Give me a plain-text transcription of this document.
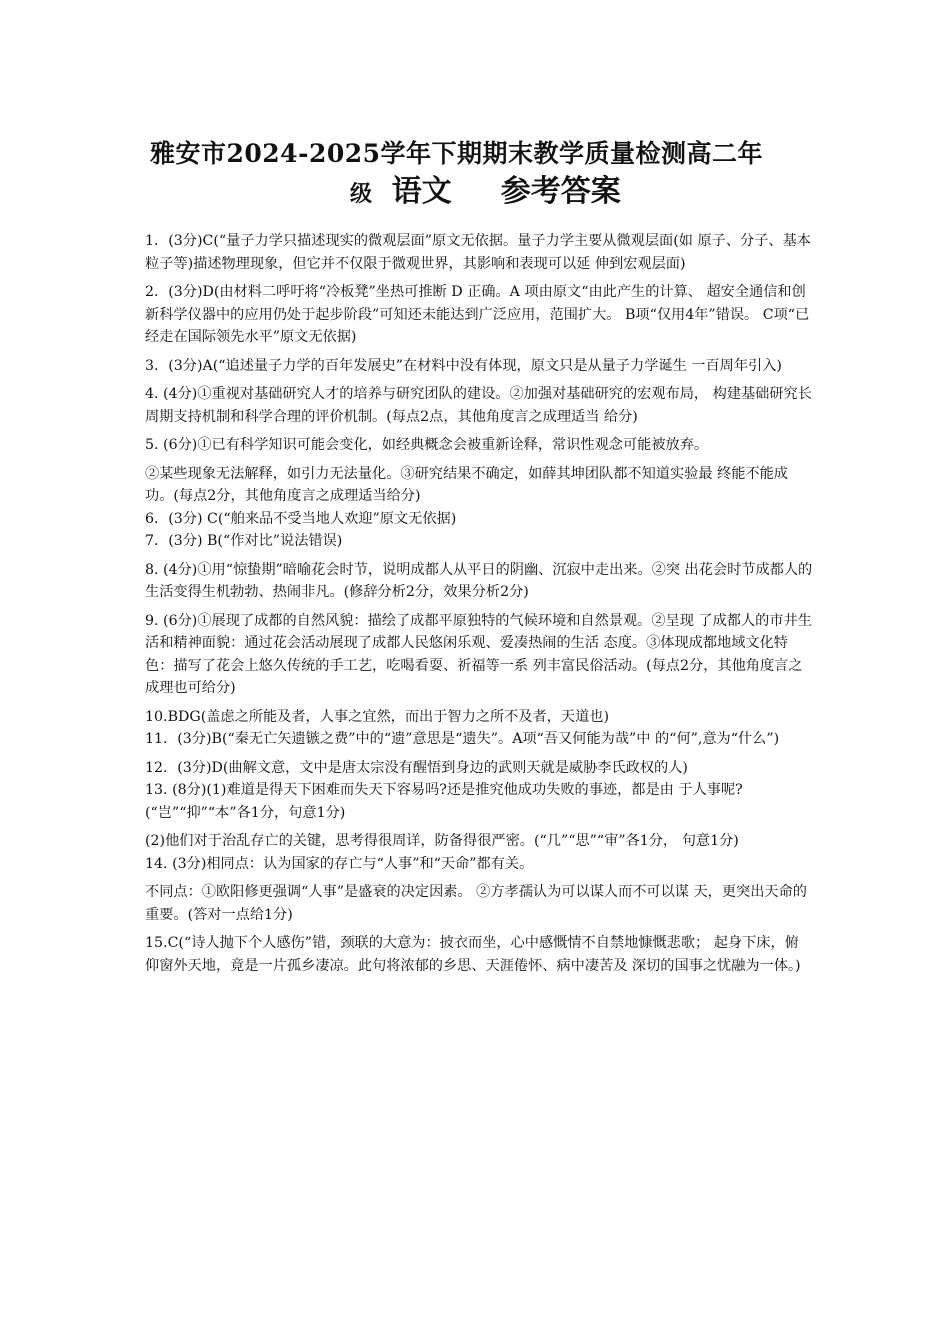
雅安市2024-2025学年下期期末教学质量检测高二年
级 语文 参考答案

1．(3分)C(“量子力学只描述现实的微观层面”原文无依据。量子力学主要从微观层面(如 原子、分子、基本粒子等)描述物理现象，但它并不仅限于微观世界，其影响和表现可以延 伸到宏观层面)

2．(3分)D(由材料二呼吁将“冷板凳”坐热可推断 D 正确。A 项由原文“由此产生的计算、 超安全通信和创新科学仪器中的应用仍处于起步阶段”可知还未能达到广泛应用，范围扩大。 B项“仅用4年”错误。 C项“已经走在国际领先水平”原文无依据)

3．(3分)A(“追述量子力学的百年发展史”在材料中没有体现，原文只是从量子力学诞生 一百周年引入)

4. (4分)①重视对基础研究人才的培养与研究团队的建设。②加强对基础研究的宏观布局， 构建基础研究长周期支持机制和科学合理的评价机制。(每点2点，其他角度言之成理适当 给分)

5. (6分)①已有科学知识可能会变化，如经典概念会被重新诠释，常识性观念可能被放弃。

②某些现象无法解释，如引力无法量化。③研究结果不确定，如薛其坤团队都不知道实验最 终能不能成功。(每点2分，其他角度言之成理适当给分)

6．(3分) C(“舶来品不受当地人欢迎”原文无依据)

7．(3分) B(“作对比”说法错误)

8. (4分)①用“惊蛰期”暗喻花会时节，说明成都人从平日的阴幽、沉寂中走出来。②突 出花会时节成都人的生活变得生机勃勃、热闹非凡。(修辞分析2分，效果分析2分)

9. (6分)①展现了成都的自然风貌：描绘了成都平原独特的气候环境和自然景观。②呈现 了成都人的市井生活和精神面貌：通过花会活动展现了成都人民悠闲乐观、爱凑热闹的生活 态度。③体现成都地域文化特色：描写了花会上悠久传统的手工艺，吃喝看耍、祈福等一系 列丰富民俗活动。(每点2分，其他角度言之成理也可给分)

10.BDG(盖虑之所能及者，人事之宜然，而出于智力之所不及者，天道也)

11．(3分)B(“秦无亡矢遗镞之费”中的“遗”意思是“遗失”。A项“吾又何能为哉”中 的“何”,意为“什么”)

12．(3分)D(曲解文意，文中是唐太宗没有醒悟到身边的武则天就是威胁李氏政权的人)

13. (8分)(1)难道是得天下困难而失天下容易吗?还是推究他成功失败的事迹，都是由 于人事呢?(“岂”“抑”“本”各1分，句意1分)

(2)他们对于治乱存亡的关键，思考得很周详，防备得很严密。(“几”“思”“审”各1分， 句意1分)

14. (3分)相同点：认为国家的存亡与“人事”和“天命”都有关。

不同点：①欧阳修更强调“人事”是盛衰的决定因素。 ②方孝孺认为可以谋人而不可以谋 天，更突出天命的重要。(答对一点给1分)

15.C(“诗人抛下个人感伤”错，颈联的大意为：披衣而坐，心中感慨情不自禁地慷慨悲歌； 起身下床，俯仰窗外天地，竟是一片孤乡凄凉。此句将浓郁的乡思、天涯倦怀、病中凄苦及 深切的国事之忧融为一体。)
